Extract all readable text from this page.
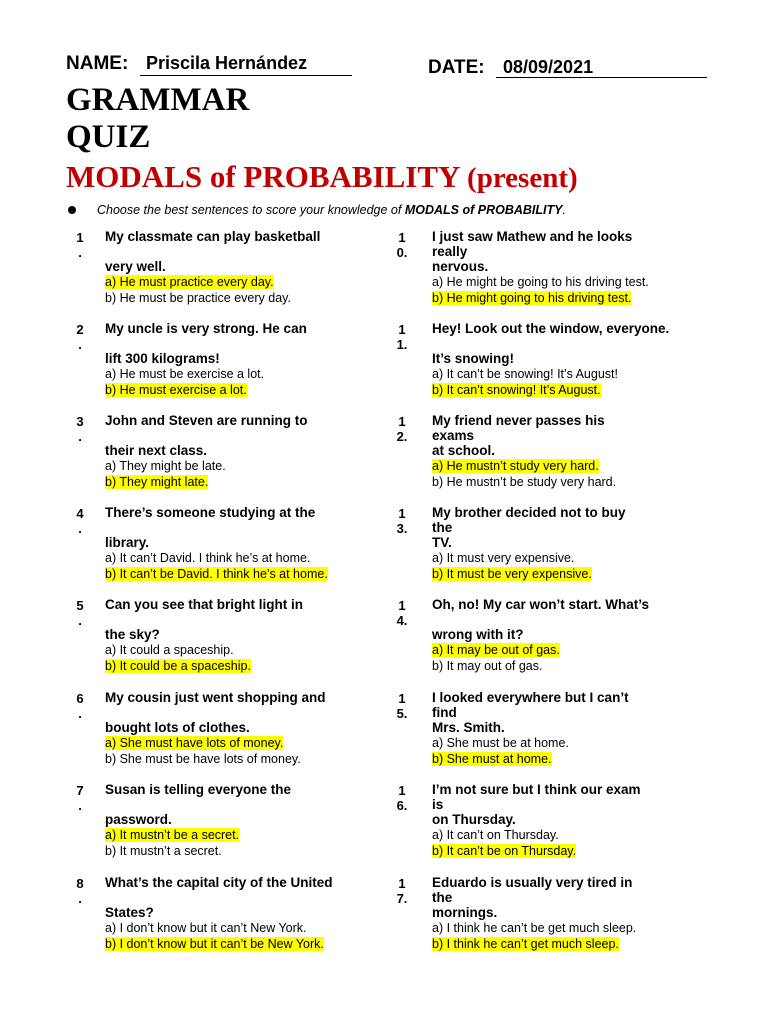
NAME: Priscila Hernández	DATE: 08/09/2021
GRAMMAR
QUIZ
MODALS of PROBABILITY (present)
Choose the best sentences to score your knowledge of MODALS of PROBABILITY.
1
.
My classmate can play basketball
very well.
a) He must practice every day.
b) He must be practice every day.
2
.
My uncle is very strong. He can
lift 300 kilograms!
a) He must be exercise a lot.
b) He must exercise a lot.
3
.
John and Steven are running to
their next class.
a) They might be late.
b) They might late.
4
.
There’s someone studying at the
library.
a) It can’t David. I think he’s at home.
b) It can’t be David. I think he’s at home.
5
.
Can you see that bright light in
the sky?
a) It could a spaceship.
b) It could be a spaceship.
6
.
My cousin just went shopping and
bought lots of clothes.
a) She must have lots of money.
b) She must be have lots of money.
7
.
Susan is telling everyone the
password.
a) It mustn’t be a secret.
b) It mustn’t a secret.
8
.
What’s the capital city of the United
States?
a) I don’t know but it can’t New York.
b) I don’t know but it can’t be New York.
1
0.
I just saw Mathew and he looks
really
nervous.
a) He might be going to his driving test.
b) He might going to his driving test.
1
1.
Hey! Look out the window, everyone.
It’s snowing!
a) It can’t be snowing! It’s August!
b) It can’t snowing! It’s August.
1
2.
My friend never passes his
exams
at school.
a) He mustn’t study very hard.
b) He mustn’t be study very hard.
1
3.
My brother decided not to buy
the
TV.
a) It must very expensive.
b) It must be very expensive.
1
4.
Oh, no! My car won’t start. What’s
wrong with it?
a) It may be out of gas.
b) It may out of gas.
1
5.
I looked everywhere but I can’t
find
Mrs. Smith.
a) She must be at home.
b) She must at home.
1
6.
I’m not sure but I think our exam
is
on Thursday.
a) It can’t on Thursday.
b) It can’t be on Thursday.
1
7.
Eduardo is usually very tired in
the
mornings.
a) I think he can’t be get much sleep.
b) I think he can’t get much sleep.
